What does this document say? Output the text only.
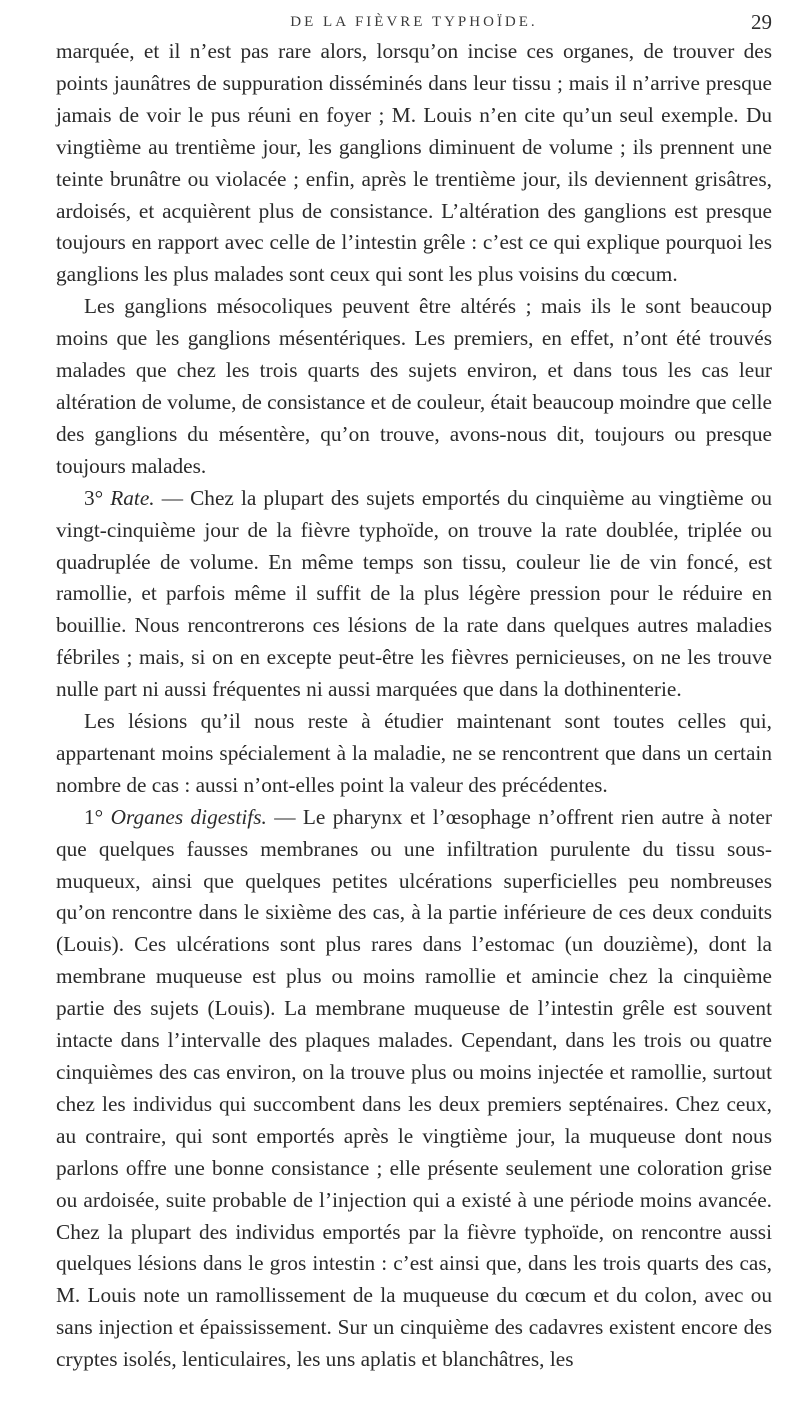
DE LA FIÈVRE TYPHOÏDE.	29

marquée, et il n’est pas rare alors, lorsqu’on incise ces organes, de trouver des points jaunâtres de suppuration disséminés dans leur tissu ; mais il n’arrive presque jamais de voir le pus réuni en foyer ; M. Louis n’en cite qu’un seul exemple. Du vingtième au trentième jour, les ganglions diminuent de volume ; ils prennent une teinte brunâtre ou violacée ; enfin, après le trentième jour, ils deviennent grisâtres, ardoisés, et acquièrent plus de consistance. L’altération des ganglions est presque toujours en rapport avec celle de l’intestin grêle : c’est ce qui explique pourquoi les ganglions les plus malades sont ceux qui sont les plus voisins du cœcum.

Les ganglions mésocoliques peuvent être altérés ; mais ils le sont beaucoup moins que les ganglions mésentériques. Les premiers, en effet, n’ont été trouvés malades que chez les trois quarts des sujets environ, et dans tous les cas leur altération de volume, de consistance et de couleur, était beaucoup moindre que celle des ganglions du mésentère, qu’on trouve, avons-nous dit, toujours ou presque toujours malades.

3° Rate. — Chez la plupart des sujets emportés du cinquième au vingtième ou vingt-cinquième jour de la fièvre typhoïde, on trouve la rate doublée, triplée ou quadruplée de volume. En même temps son tissu, couleur lie de vin foncé, est ramollie, et parfois même il suffit de la plus légère pression pour le réduire en bouillie. Nous rencontrerons ces lésions de la rate dans quelques autres maladies fébriles ; mais, si on en excepte peut-être les fièvres pernicieuses, on ne les trouve nulle part ni aussi fréquentes ni aussi marquées que dans la dothinenterie.

Les lésions qu’il nous reste à étudier maintenant sont toutes celles qui, appartenant moins spécialement à la maladie, ne se rencontrent que dans un certain nombre de cas : aussi n’ont-elles point la valeur des précédentes.

1° Organes digestifs. — Le pharynx et l’œsophage n’offrent rien autre à noter que quelques fausses membranes ou une infiltration purulente du tissu sous-muqueux, ainsi que quelques petites ulcérations superficielles peu nombreuses qu’on rencontre dans le sixième des cas, à la partie inférieure de ces deux conduits (Louis). Ces ulcérations sont plus rares dans l’estomac (un douzième), dont la membrane muqueuse est plus ou moins ramollie et amincie chez la cinquième partie des sujets (Louis). La membrane muqueuse de l’intestin grêle est souvent intacte dans l’intervalle des plaques malades. Cependant, dans les trois ou quatre cinquièmes des cas environ, on la trouve plus ou moins injectée et ramollie, surtout chez les individus qui succombent dans les deux premiers septénaires. Chez ceux, au contraire, qui sont emportés après le vingtième jour, la muqueuse dont nous parlons offre une bonne consistance ; elle présente seulement une coloration grise ou ardoisée, suite probable de l’injection qui a existé à une période moins avancée. Chez la plupart des individus emportés par la fièvre typhoïde, on rencontre aussi quelques lésions dans le gros intestin : c’est ainsi que, dans les trois quarts des cas, M. Louis note un ramollissement de la muqueuse du cœcum et du colon, avec ou sans injection et épaississement. Sur un cinquième des cadavres existent encore des cryptes isolés, lenticulaires, les uns aplatis et blanchâtres, les
